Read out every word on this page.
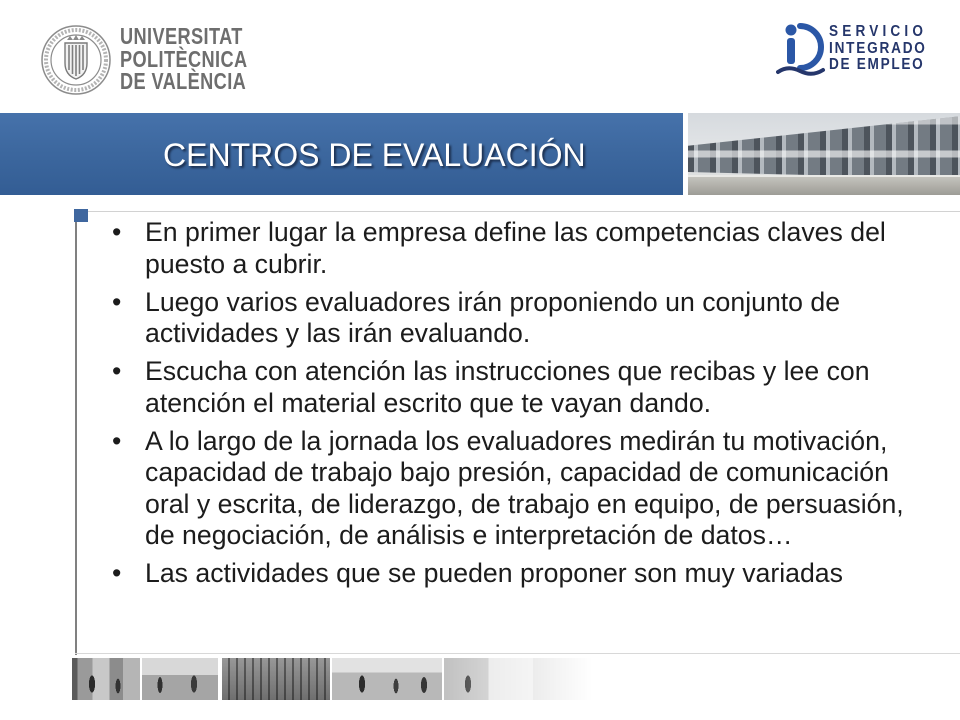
UNIVERSITAT
POLITÈCNICA
DE VALÈNCIA
SERVICIO
INTEGRADO
DE EMPLEO
CENTROS DE EVALUACIÓN
• En primer lugar la empresa define las competencias claves del
puesto a cubrir.
• Luego varios evaluadores irán proponiendo un conjunto de
actividades y las irán evaluando.
• Escucha con atención las instrucciones que recibas y lee con
atención el material escrito que te vayan dando.
• A lo largo de la jornada los evaluadores medirán tu motivación,
capacidad de trabajo bajo presión, capacidad de comunicación
oral y escrita, de liderazgo, de trabajo en equipo, de persuasión,
de negociación, de análisis e interpretación de datos…
• Las actividades que se pueden proponer son muy variadas
